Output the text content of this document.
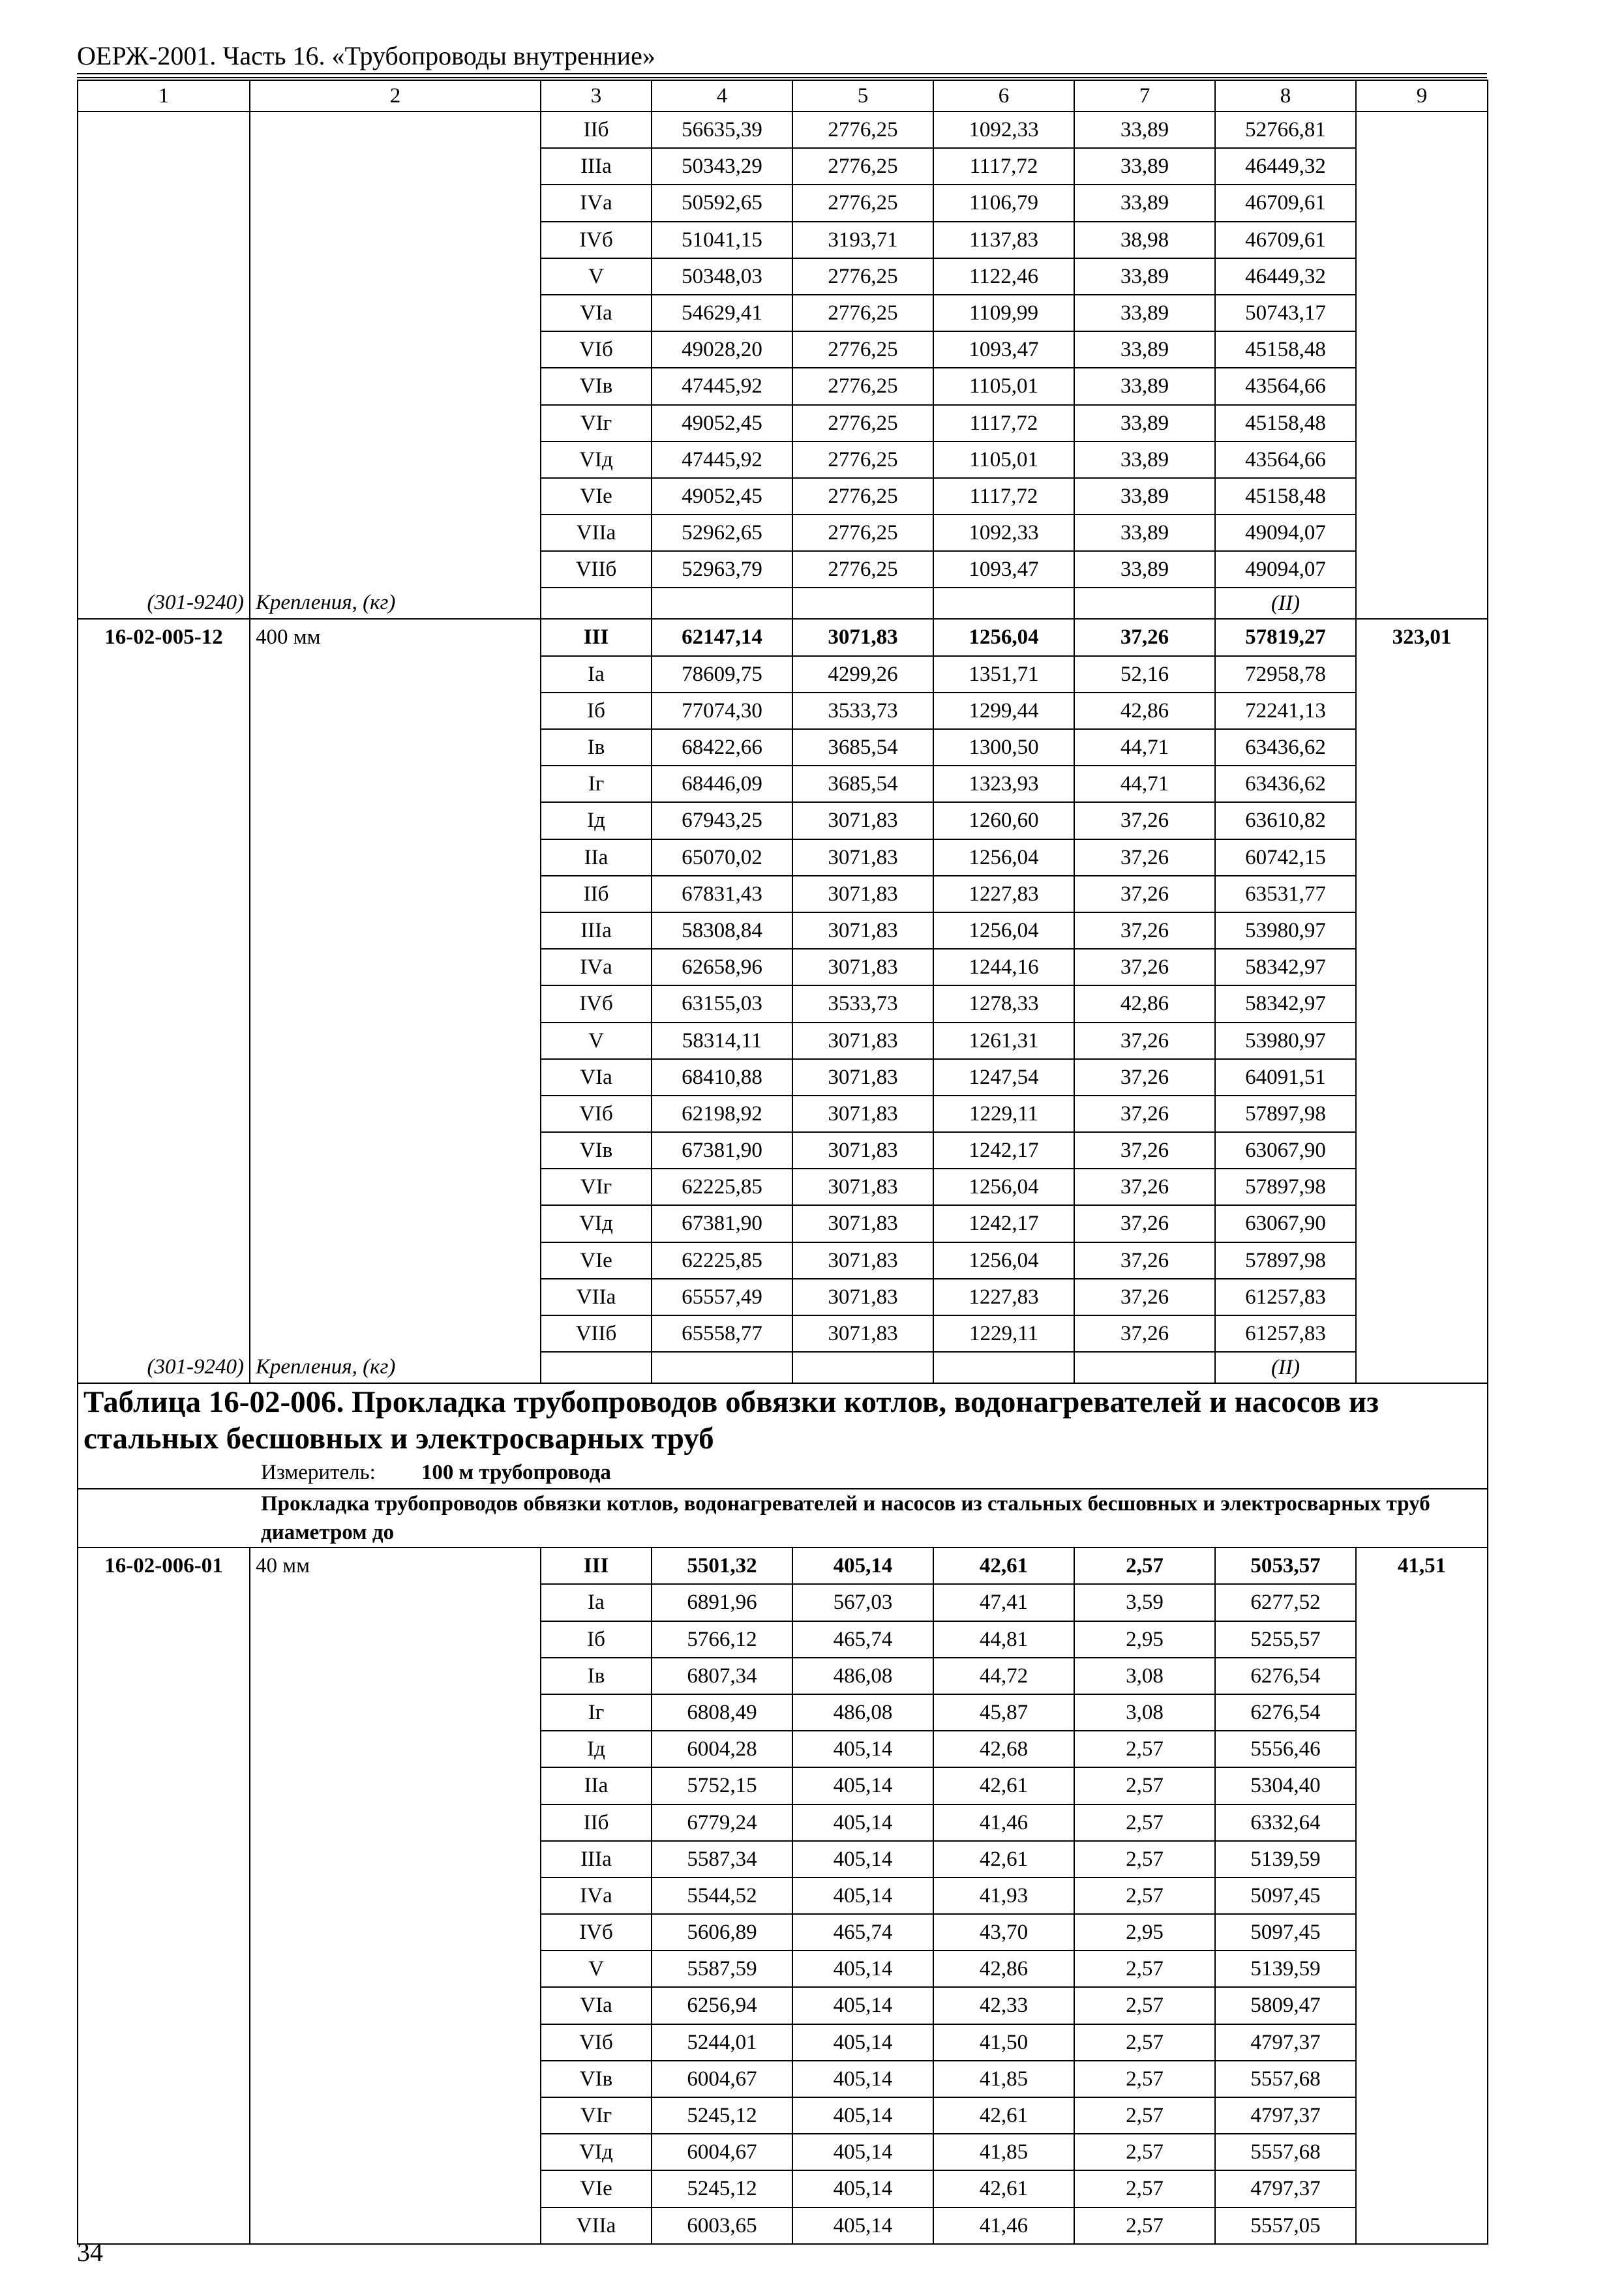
ОЕРЖ-2001. Часть 16. «Трубопроводы внутренние»
1	2	3	4	5	6	7	8	9
		IIб	56635,39	2776,25	1092,33	33,89	52766,81	
		IIIа	50343,29	2776,25	1117,72	33,89	46449,32	
		IVа	50592,65	2776,25	1106,79	33,89	46709,61	
		IVб	51041,15	3193,71	1137,83	38,98	46709,61	
		V	50348,03	2776,25	1122,46	33,89	46449,32	
		VIа	54629,41	2776,25	1109,99	33,89	50743,17	
		VIб	49028,20	2776,25	1093,47	33,89	45158,48	
		VIв	47445,92	2776,25	1105,01	33,89	43564,66	
		VIг	49052,45	2776,25	1117,72	33,89	45158,48	
		VIд	47445,92	2776,25	1105,01	33,89	43564,66	
		VIе	49052,45	2776,25	1117,72	33,89	45158,48	
		VIIа	52962,65	2776,25	1092,33	33,89	49094,07	
		VIIб	52963,79	2776,25	1093,47	33,89	49094,07	
(301-9240)	Крепления, (кг)						(II)	
16-02-005-12	400 мм	III	62147,14	3071,83	1256,04	37,26	57819,27	323,01
		Iа	78609,75	4299,26	1351,71	52,16	72958,78	
		Iб	77074,30	3533,73	1299,44	42,86	72241,13	
		Iв	68422,66	3685,54	1300,50	44,71	63436,62	
		Iг	68446,09	3685,54	1323,93	44,71	63436,62	
		Iд	67943,25	3071,83	1260,60	37,26	63610,82	
		IIа	65070,02	3071,83	1256,04	37,26	60742,15	
		IIб	67831,43	3071,83	1227,83	37,26	63531,77	
		IIIа	58308,84	3071,83	1256,04	37,26	53980,97	
		IVа	62658,96	3071,83	1244,16	37,26	58342,97	
		IVб	63155,03	3533,73	1278,33	42,86	58342,97	
		V	58314,11	3071,83	1261,31	37,26	53980,97	
		VIа	68410,88	3071,83	1247,54	37,26	64091,51	
		VIб	62198,92	3071,83	1229,11	37,26	57897,98	
		VIв	67381,90	3071,83	1242,17	37,26	63067,90	
		VIг	62225,85	3071,83	1256,04	37,26	57897,98	
		VIд	67381,90	3071,83	1242,17	37,26	63067,90	
		VIе	62225,85	3071,83	1256,04	37,26	57897,98	
		VIIа	65557,49	3071,83	1227,83	37,26	61257,83	
		VIIб	65558,77	3071,83	1229,11	37,26	61257,83	
(301-9240)	Крепления, (кг)						(II)	

Таблица 16-02-006. Прокладка трубопроводов обвязки котлов, водонагревателей и насосов из стальных бесшовных и электросварных труб
Измеритель: 100 м трубопровода								

Прокладка трубопроводов обвязки котлов, водонагревателей и насосов из стальных бесшовных и электросварных труб диаметром до								

16-02-006-01	40 мм	III	5501,32	405,14	42,61	2,57	5053,57	41,51
		Iа	6891,96	567,03	47,41	3,59	6277,52	
		Iб	5766,12	465,74	44,81	2,95	5255,57	
		Iв	6807,34	486,08	44,72	3,08	6276,54	
		Iг	6808,49	486,08	45,87	3,08	6276,54	
		Iд	6004,28	405,14	42,68	2,57	5556,46	
		IIа	5752,15	405,14	42,61	2,57	5304,40	
		IIб	6779,24	405,14	41,46	2,57	6332,64	
		IIIа	5587,34	405,14	42,61	2,57	5139,59	
		IVа	5544,52	405,14	41,93	2,57	5097,45	
		IVб	5606,89	465,74	43,70	2,95	5097,45	
		V	5587,59	405,14	42,86	2,57	5139,59	
		VIа	6256,94	405,14	42,33	2,57	5809,47	
		VIб	5244,01	405,14	41,50	2,57	4797,37	
		VIв	6004,67	405,14	41,85	2,57	5557,68	
		VIг	5245,12	405,14	42,61	2,57	4797,37	
		VIд	6004,67	405,14	41,85	2,57	5557,68	
		VIе	5245,12	405,14	42,61	2,57	4797,37	
		VIIа	6003,65	405,14	41,46	2,57	5557,05	
34
